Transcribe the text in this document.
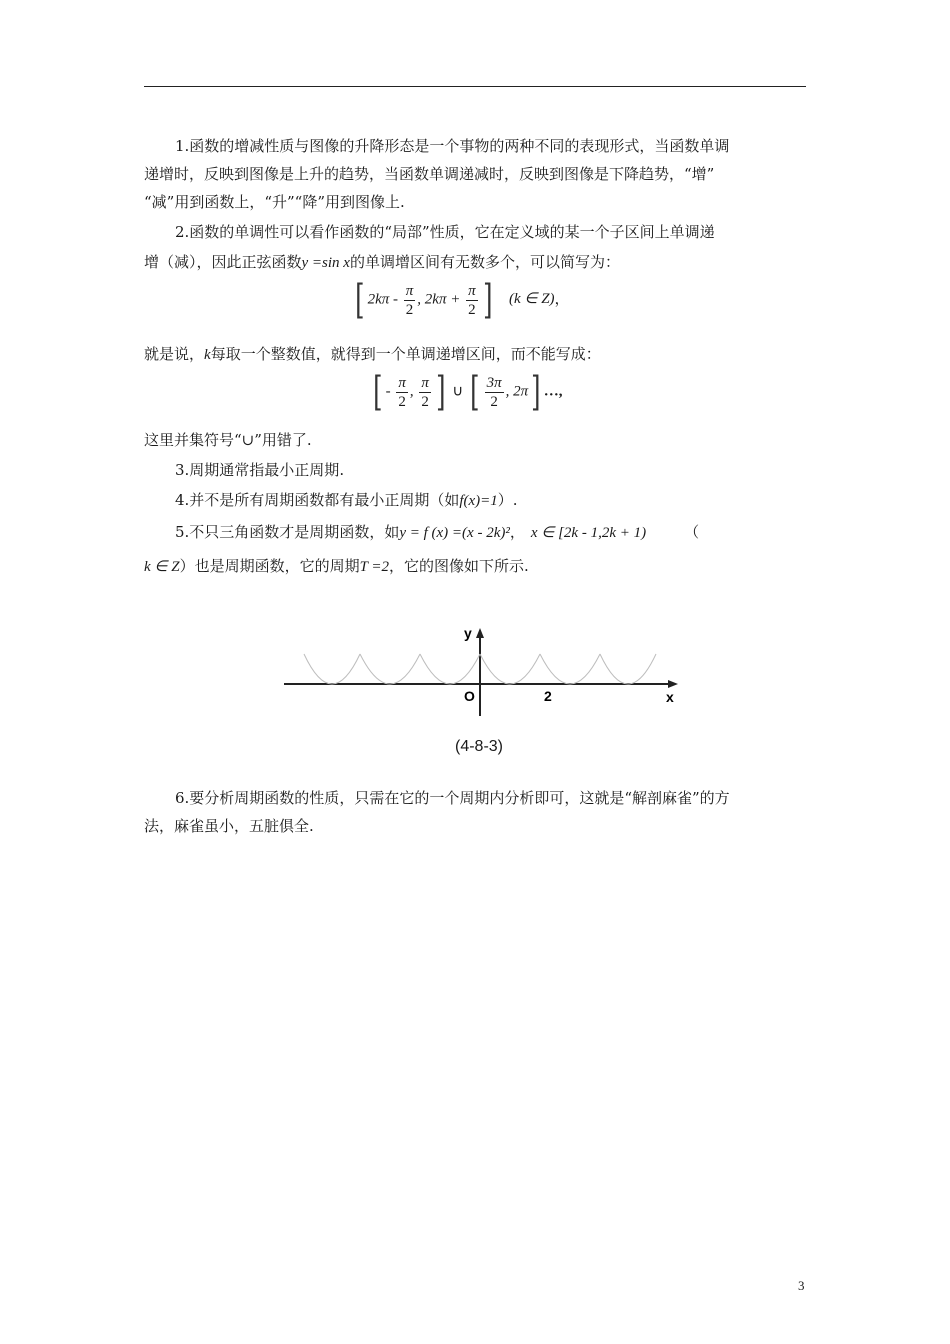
1.函数的增减性质与图像的升降形态是一个事物的两种不同的表现形式，当函数单调
递增时，反映到图像是上升的趋势，当函数单调递减时，反映到图像是下降趋势，“增”
“减”用到函数上，“升”“降”用到图像上.
2.函数的单调性可以看作函数的“局部”性质，它在定义域的某一个子区间上单调递
增（减），因此正弦函数y =sin x的单调增区间有无数多个，可以简写为：
[ $2k\pi - \frac{\pi}{2}$ , $2k\pi + \frac{\pi}{2}$ ] (k ∈ Z)，
就是说，k每取一个整数值，就得到一个单调递增区间，而不能写成：
[ - $\frac{\pi}{2}$ , $\frac{\pi}{2}$ ] ∪ [ $\frac{3\pi}{2}$ , 2π] …,
这里并集符号“∪”用错了.
3.周期通常指最小正周期.
4.并不是所有周期函数都有最小正周期（如f(x)=1）.
5.不只三角函数才是周期函数，如y = f (x) =(x - 2k)²， x ∈ [2k - 1,2k + 1)	（
k ∈ Z）也是周期函数，它的周期T =2，它的图像如下所示.
y
x
O	2
(4-8-3)
6.要分析周期函数的性质，只需在它的一个周期内分析即可，这就是“解剖麻雀”的方
法，麻雀虽小，五脏俱全.
3
